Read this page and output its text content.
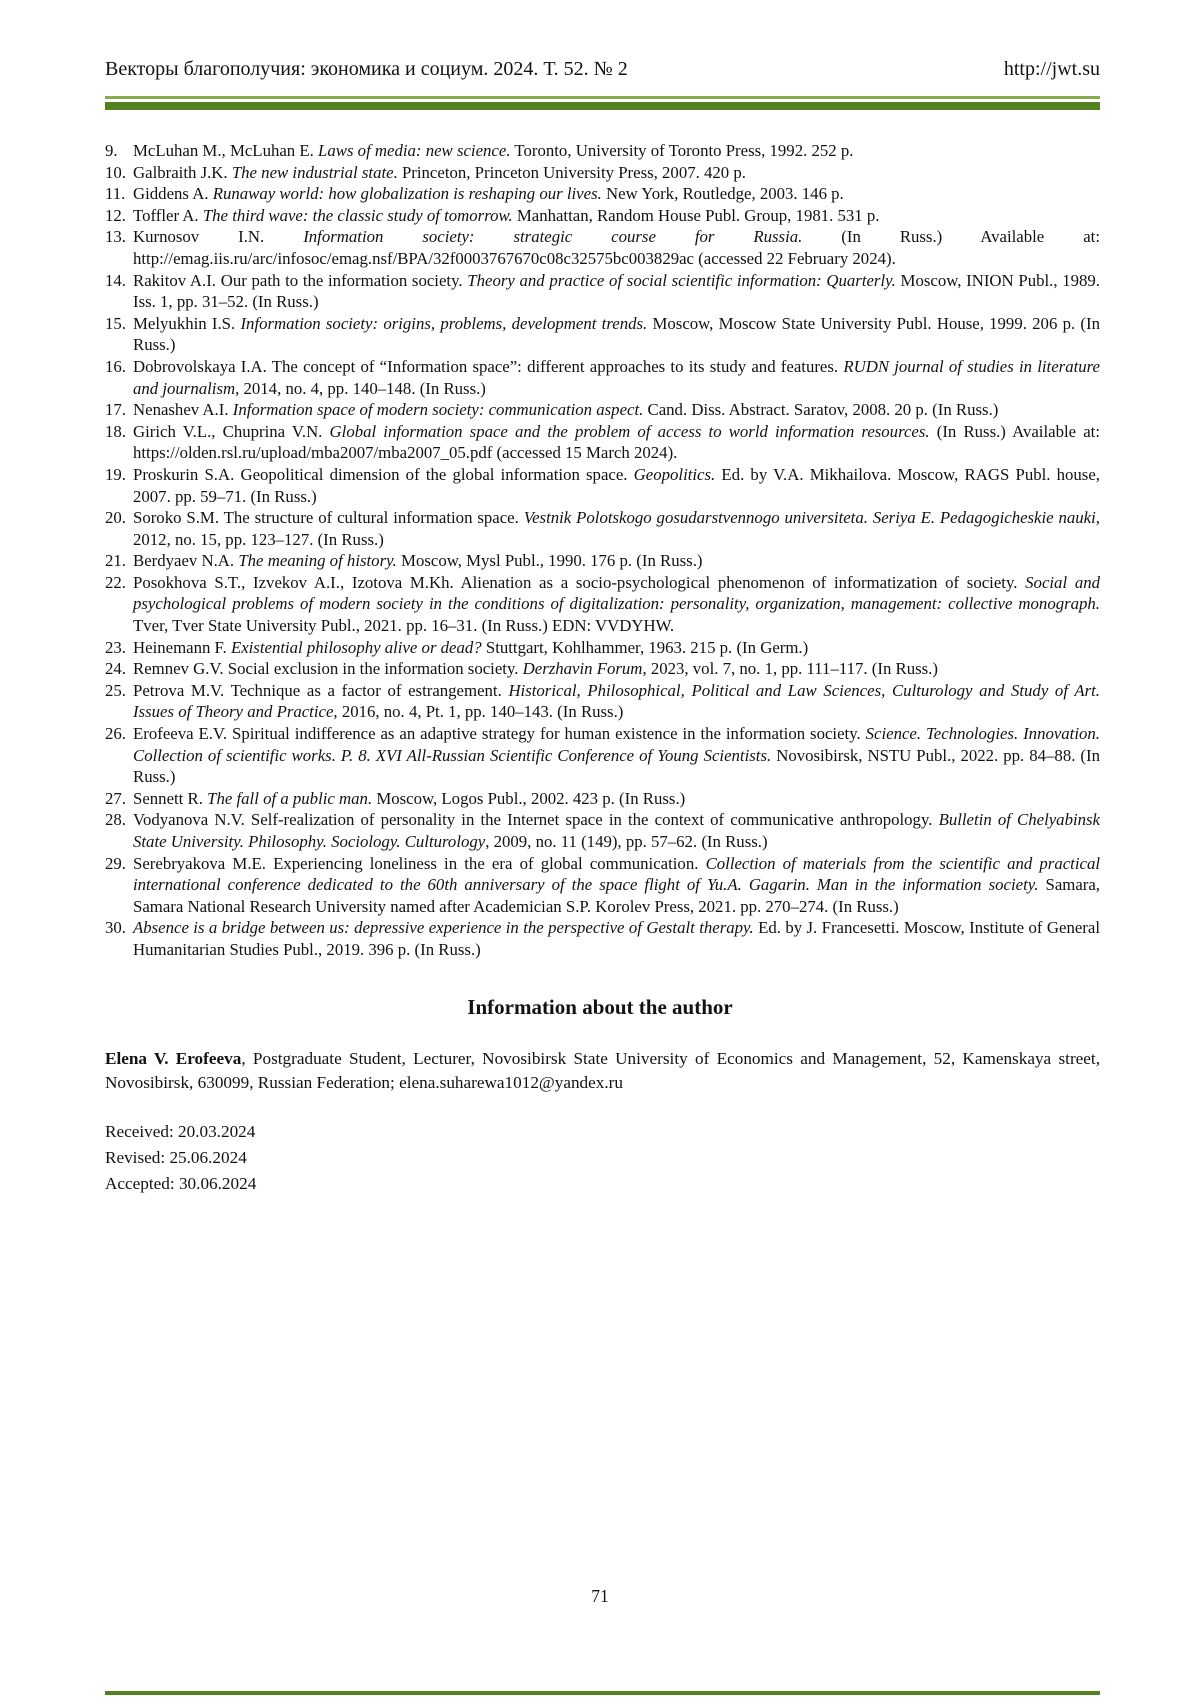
Векторы благополучия: экономика и социум. 2024. Т. 52. № 2	http://jwt.su
9. McLuhan M., McLuhan E. Laws of media: new science. Toronto, University of Toronto Press, 1992. 252 p.
10. Galbraith J.K. The new industrial state. Princeton, Princeton University Press, 2007. 420 p.
11. Giddens A. Runaway world: how globalization is reshaping our lives. New York, Routledge, 2003. 146 p.
12. Toffler A. The third wave: the classic study of tomorrow. Manhattan, Random House Publ. Group, 1981. 531 p.
13. Kurnosov I.N. Information society: strategic course for Russia. (In Russ.) Available at: http://emag.iis.ru/arc/infosoc/emag.nsf/BPA/32f0003767670c08c32575bc003829ac (accessed 22 February 2024).
14. Rakitov A.I. Our path to the information society. Theory and practice of social scientific information: Quarterly. Moscow, INION Publ., 1989. Iss. 1, pp. 31–52. (In Russ.)
15. Melyukhin I.S. Information society: origins, problems, development trends. Moscow, Moscow State University Publ. House, 1999. 206 p. (In Russ.)
16. Dobrovolskaya I.A. The concept of “Information space”: different approaches to its study and features. RUDN journal of studies in literature and journalism, 2014, no. 4, pp. 140–148. (In Russ.)
17. Nenashev A.I. Information space of modern society: communication aspect. Cand. Diss. Abstract. Saratov, 2008. 20 p. (In Russ.)
18. Girich V.L., Chuprina V.N. Global information space and the problem of access to world information resources. (In Russ.) Available at: https://olden.rsl.ru/upload/mba2007/mba2007_05.pdf (accessed 15 March 2024).
19. Proskurin S.A. Geopolitical dimension of the global information space. Geopolitics. Ed. by V.A. Mikhailova. Moscow, RAGS Publ. house, 2007. pp. 59–71. (In Russ.)
20. Soroko S.M. The structure of cultural information space. Vestnik Polotskogo gosudarstvennogo universiteta. Seriya E. Pedagogicheskie nauki, 2012, no. 15, pp. 123–127. (In Russ.)
21. Berdyaev N.A. The meaning of history. Moscow, Mysl Publ., 1990. 176 p. (In Russ.)
22. Posokhova S.T., Izvekov A.I., Izotova M.Kh. Alienation as a socio-psychological phenomenon of informatization of society. Social and psychological problems of modern society in the conditions of digitalization: personality, organization, management: collective monograph. Tver, Tver State University Publ., 2021. pp. 16–31. (In Russ.) EDN: VVDYHW.
23. Heinemann F. Existential philosophy alive or dead? Stuttgart, Kohlhammer, 1963. 215 p. (In Germ.)
24. Remnev G.V. Social exclusion in the information society. Derzhavin Forum, 2023, vol. 7, no. 1, pp. 111–117. (In Russ.)
25. Petrova M.V. Technique as a factor of estrangement. Historical, Philosophical, Political and Law Sciences, Culturology and Study of Art. Issues of Theory and Practice, 2016, no. 4, Pt. 1, pp. 140–143. (In Russ.)
26. Erofeeva E.V. Spiritual indifference as an adaptive strategy for human existence in the information society. Science. Technologies. Innovation. Collection of scientific works. P. 8. XVI All-Russian Scientific Conference of Young Scientists. Novosibirsk, NSTU Publ., 2022. pp. 84–88. (In Russ.)
27. Sennett R. The fall of a public man. Moscow, Logos Publ., 2002. 423 p. (In Russ.)
28. Vodyanova N.V. Self-realization of personality in the Internet space in the context of communicative anthropology. Bulletin of Chelyabinsk State University. Philosophy. Sociology. Culturology, 2009, no. 11 (149), pp. 57–62. (In Russ.)
29. Serebryakova M.E. Experiencing loneliness in the era of global communication. Collection of materials from the scientific and practical international conference dedicated to the 60th anniversary of the space flight of Yu.A. Gagarin. Man in the information society. Samara, Samara National Research University named after Academician S.P. Korolev Press, 2021. pp. 270–274. (In Russ.)
30. Absence is a bridge between us: depressive experience in the perspective of Gestalt therapy. Ed. by J. Francesetti. Moscow, Institute of General Humanitarian Studies Publ., 2019. 396 p. (In Russ.)
Information about the author
Elena V. Erofeeva, Postgraduate Student, Lecturer, Novosibirsk State University of Economics and Management, 52, Kamenskaya street, Novosibirsk, 630099, Russian Federation; elena.suharewa1012@yandex.ru
Received: 20.03.2024
Revised: 25.06.2024
Accepted: 30.06.2024
71
